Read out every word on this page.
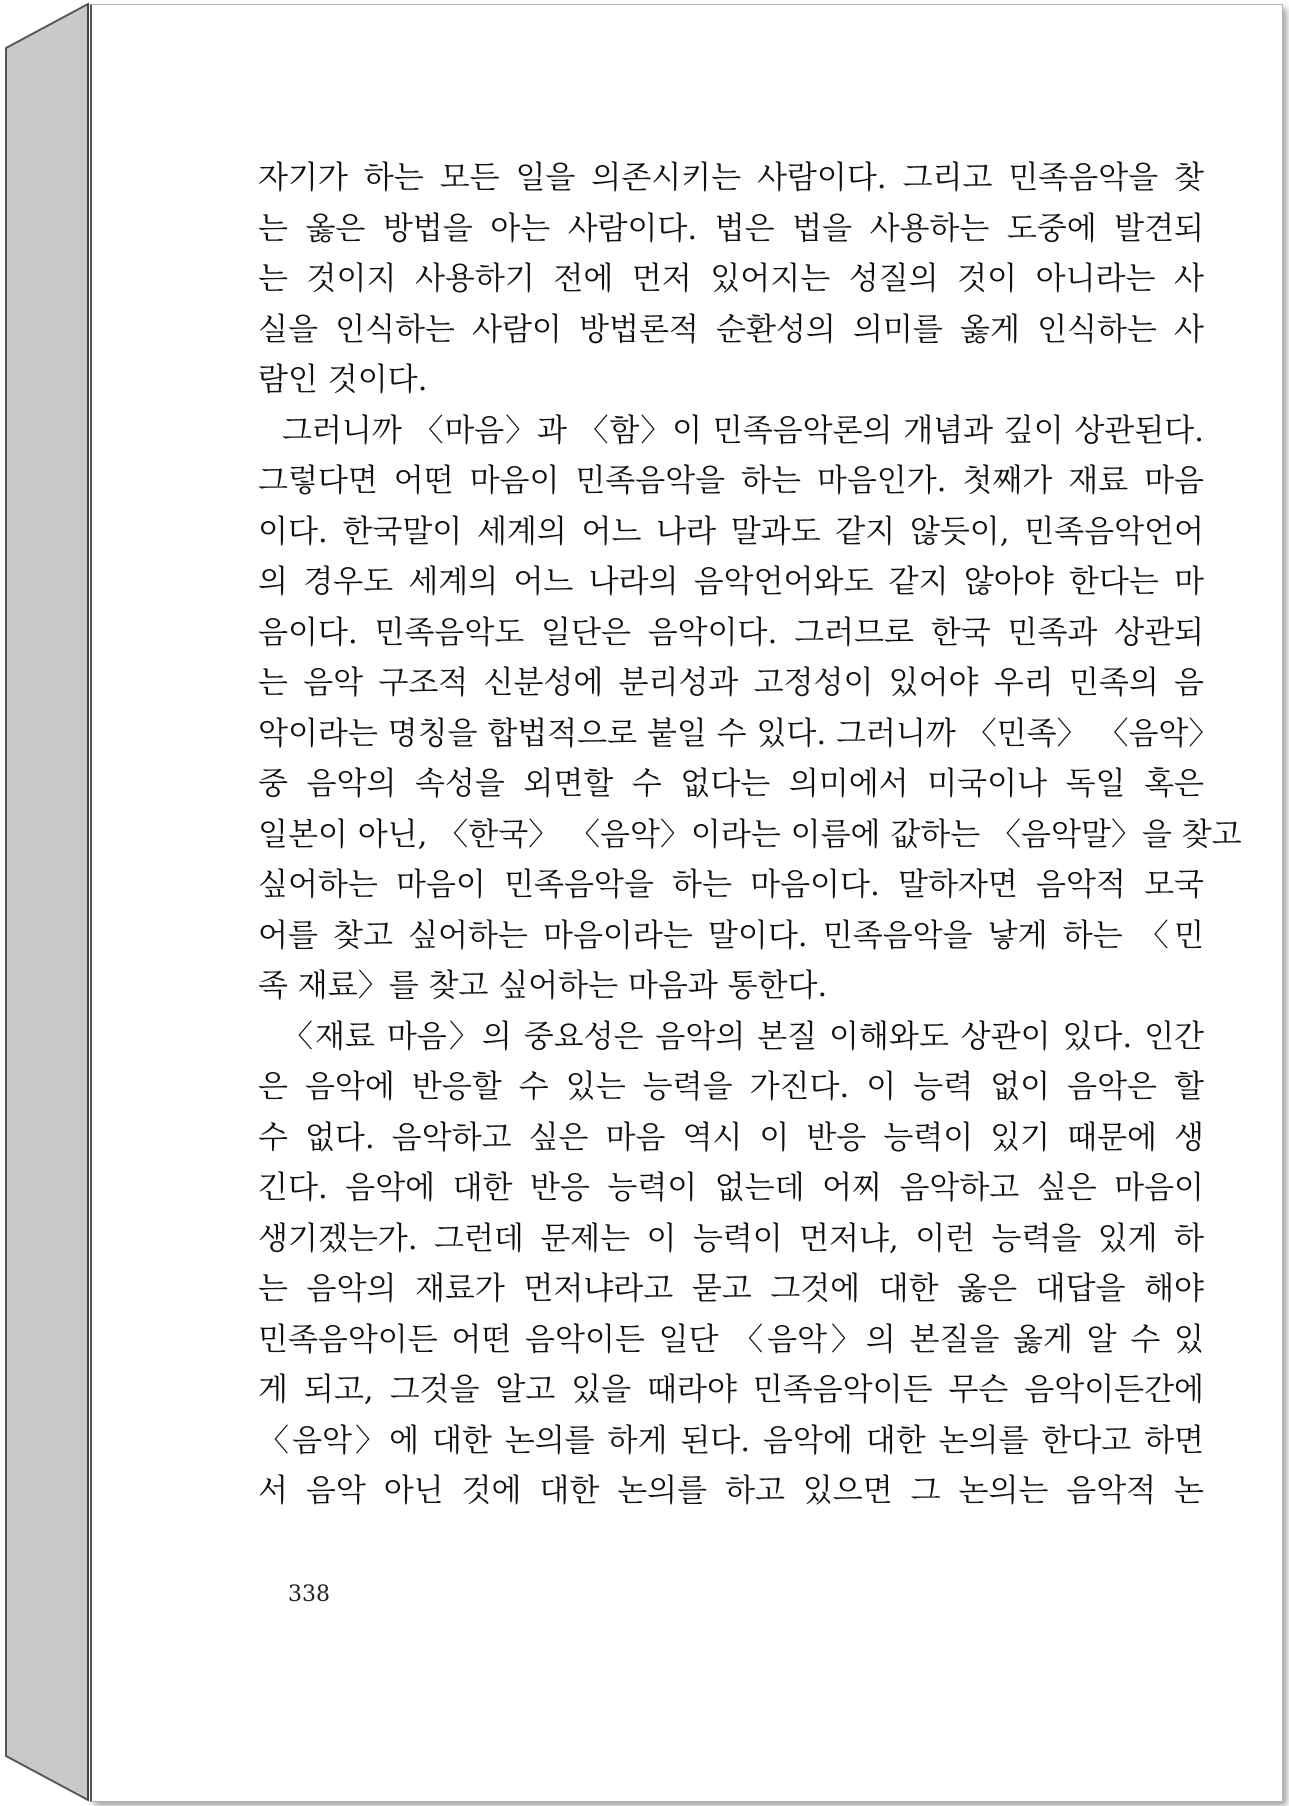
자기가 하는 모든 일을 의존시키는 사람이다. 그리고 민족음악을 찾
는 옳은 방법을 아는 사람이다. 법은 법을 사용하는 도중에 발견되
는 것이지 사용하기 전에 먼저 있어지는 성질의 것이 아니라는 사
실을 인식하는 사람이 방법론적 순환성의 의미를 옳게 인식하는 사
람인 것이다.
그러니까 〈마음〉과 〈함〉이 민족음악론의 개념과 깊이 상관된다.
그렇다면 어떤 마음이 민족음악을 하는 마음인가. 첫째가 재료 마음
이다. 한국말이 세계의 어느 나라 말과도 같지 않듯이, 민족음악언어
의 경우도 세계의 어느 나라의 음악언어와도 같지 않아야 한다는 마
음이다. 민족음악도 일단은 음악이다. 그러므로 한국 민족과 상관되
는 음악 구조적 신분성에 분리성과 고정성이 있어야 우리 민족의 음
악이라는 명칭을 합법적으로 붙일 수 있다. 그러니까 〈민족〉 〈음악〉
중 음악의 속성을 외면할 수 없다는 의미에서 미국이나 독일 혹은
일본이 아닌, 〈한국〉 〈음악〉이라는 이름에 값하는 〈음악말〉을 찾고
싶어하는 마음이 민족음악을 하는 마음이다. 말하자면 음악적 모국
어를 찾고 싶어하는 마음이라는 말이다. 민족음악을 낳게 하는 〈민
족 재료〉를 찾고 싶어하는 마음과 통한다.
〈재료 마음〉의 중요성은 음악의 본질 이해와도 상관이 있다. 인간
은 음악에 반응할 수 있는 능력을 가진다. 이 능력 없이 음악은 할
수 없다. 음악하고 싶은 마음 역시 이 반응 능력이 있기 때문에 생
긴다. 음악에 대한 반응 능력이 없는데 어찌 음악하고 싶은 마음이
생기겠는가. 그런데 문제는 이 능력이 먼저냐, 이런 능력을 있게 하
는 음악의 재료가 먼저냐라고 묻고 그것에 대한 옳은 대답을 해야
민족음악이든 어떤 음악이든 일단 〈음악〉의 본질을 옳게 알 수 있
게 되고, 그것을 알고 있을 때라야 민족음악이든 무슨 음악이든간에
〈음악〉에 대한 논의를 하게 된다. 음악에 대한 논의를 한다고 하면
서 음악 아닌 것에 대한 논의를 하고 있으면 그 논의는 음악적 논
338
